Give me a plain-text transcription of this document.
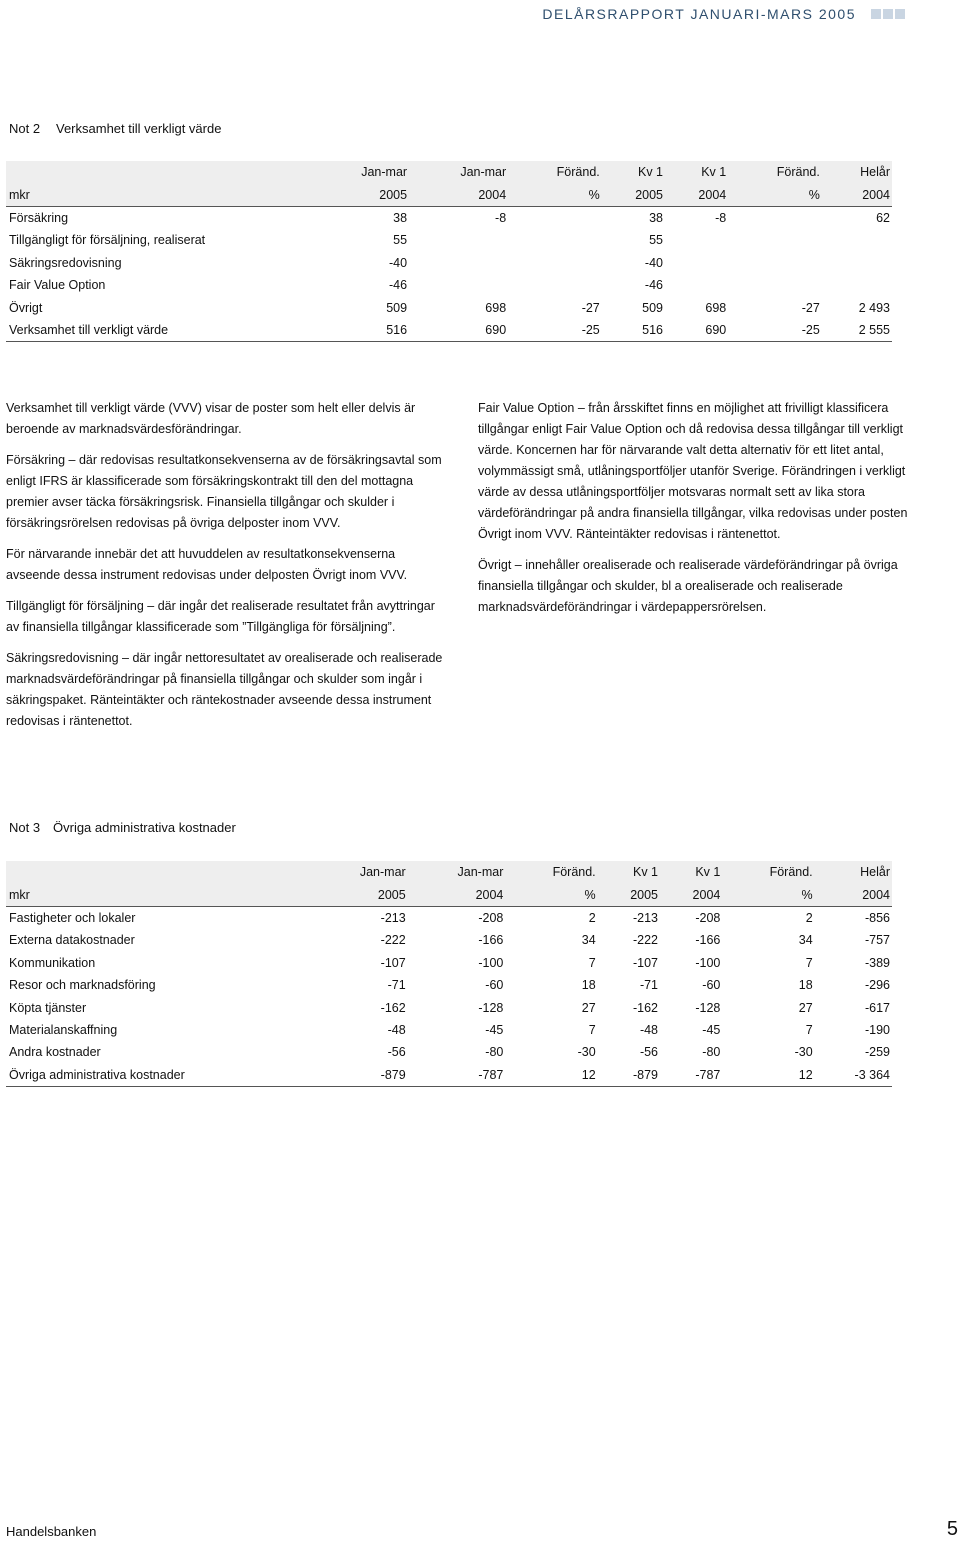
DELÅRSRAPPORT JANUARI-MARS 2005
Not 2 Verksamhet till verkligt värde
	Jan-mar	Jan-mar	Föränd.	Kv 1	Kv 1	Föränd.	Helår
mkr	2005	2004	%	2005	2004	%	2004
Försäkring	38	-8		38	-8		62
Tillgängligt för försäljning, realiserat	55			55			
Säkringsredovisning	-40			-40			
Fair Value Option	-46			-46			
Övrigt	509	698	-27	509	698	-27	2 493
Verksamhet till verkligt värde	516	690	-25	516	690	-25	2 555

Verksamhet till verkligt värde (VVV) visar de poster som helt eller delvis är beroende av marknadsvärdesförändringar.

Försäkring – där redovisas resultatkonsekvenserna av de försäkringsavtal som enligt IFRS är klassificerade som försäkringskontrakt till den del mottagna premier avser täcka försäkringsrisk. Finansiella tillgångar och skulder i försäkringsrörelsen redovisas på övriga delposter inom VVV.

För närvarande innebär det att huvuddelen av resultatkonsekvenserna avseende dessa instrument redovisas under delposten Övrigt inom VVV.

Tillgängligt för försäljning – där ingår det realiserade resultatet från avyttringar av finansiella tillgångar klassificerade som ”Tillgängliga för försäljning”.

Säkringsredovisning – där ingår nettoresultatet av orealiserade och realiserade marknadsvärdeförändringar på finansiella tillgångar och skulder som ingår i säkringspaket. Ränteintäkter och räntekostnader avseende dessa instrument redovisas i räntenettot.

Fair Value Option – från årsskiftet finns en möjlighet att frivilligt klassificera tillgångar enligt Fair Value Option och då redovisa dessa tillgångar till verkligt värde. Koncernen har för närvarande valt detta alternativ för ett litet antal, volymmässigt små, utlåningsportföljer utanför Sverige. Förändringen i verkligt värde av dessa utlåningsportföljer motsvaras normalt sett av lika stora värdeförändringar på andra finansiella tillgångar, vilka redovisas under posten Övrigt inom VVV. Ränteintäkter redovisas i räntenettot.

Övrigt – innehåller orealiserade och realiserade värdeförändringar på övriga finansiella tillgångar och skulder, bl a orealiserade och realiserade marknadsvärdeförändringar i värdepappersrörelsen.

Not 3 Övriga administrativa kostnader
	Jan-mar	Jan-mar	Föränd.	Kv 1	Kv 1	Föränd.	Helår
mkr	2005	2004	%	2005	2004	%	2004
Fastigheter och lokaler	-213	-208	2	-213	-208	2	-856
Externa datakostnader	-222	-166	34	-222	-166	34	-757
Kommunikation	-107	-100	7	-107	-100	7	-389
Resor och marknadsföring	-71	-60	18	-71	-60	18	-296
Köpta tjänster	-162	-128	27	-162	-128	27	-617
Materialanskaffning	-48	-45	7	-48	-45	7	-190
Andra kostnader	-56	-80	-30	-56	-80	-30	-259
Övriga administrativa kostnader	-879	-787	12	-879	-787	12	-3 364
Handelsbanken	5
